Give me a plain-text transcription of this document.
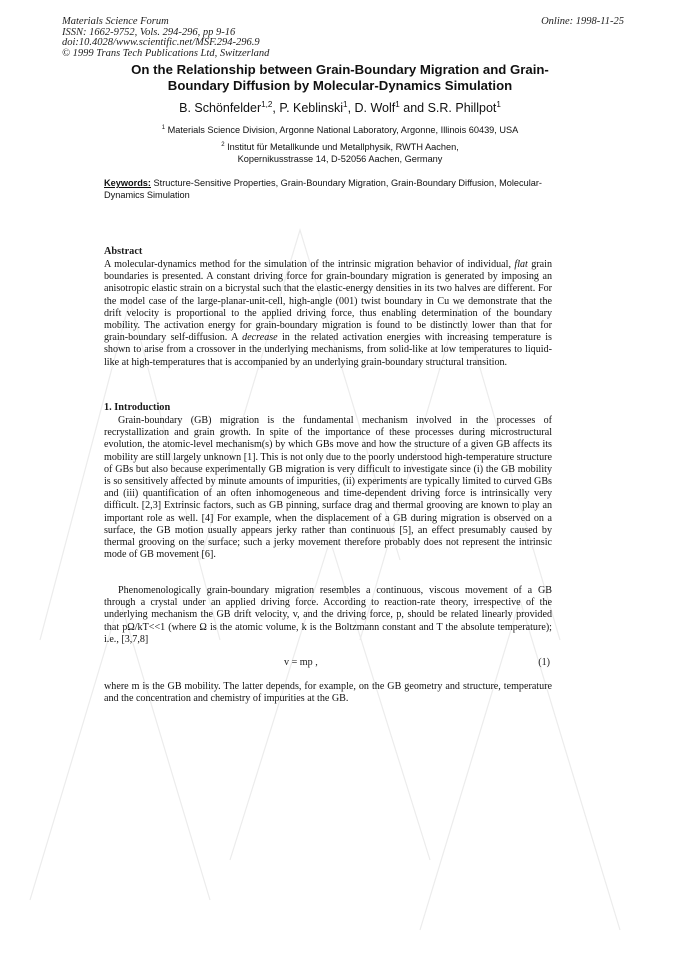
Materials Science Forum
ISSN: 1662-9752, Vols. 294-296, pp 9-16
doi:10.4028/www.scientific.net/MSF.294-296.9
© 1999 Trans Tech Publications Ltd, Switzerland
Online: 1998-11-25
On the Relationship between Grain-Boundary Migration and Grain-
Boundary Diffusion by Molecular-Dynamics Simulation
B. Schönfelder$^{1,2}$, P. Keblinski$^1$, D. Wolf$^1$ and S.R. Phillpot$^1$
$^1$ Materials Science Division, Argonne National Laboratory, Argonne, Illinois 60439, USA
$^2$ Institut für Metallkunde und Metallphysik, RWTH Aachen,
Kopernikusstrasse 14, D-52056 Aachen, Germany
Keywords: Structure-Sensitive Properties, Grain-Boundary Migration, Grain-Boundary Diffusion, Molecular-Dynamics Simulation
Abstract
A molecular-dynamics method for the simulation of the intrinsic migration behavior of individual, flat grain boundaries is presented. A constant driving force for grain-boundary migration is generated by imposing an anisotropic elastic strain on a bicrystal such that the elastic-energy densities in its two halves are different. For the model case of the large-planar-unit-cell, high-angle (001) twist boundary in Cu we demonstrate that the drift velocity is proportional to the applied driving force, thus enabling determination of the boundary mobility. The activation energy for grain-boundary migration is found to be distinctly lower than that for grain-boundary self-diffusion. A decrease in the related activation energies with increasing temperature is shown to arise from a crossover in the underlying mechanisms, from solid-like at low temperatures to liquid-like at high-temperatures that is accompanied by an underlying grain-boundary structural transition.
1. Introduction
Grain-boundary (GB) migration is the fundamental mechanism involved in the processes of recrystallization and grain growth. In spite of the importance of these processes during microstructural evolution, the atomic-level mechanism(s) by which GBs move and how the structure of a given GB affects its mobility are still largely unknown [1]. This is not only due to the poorly understood high-temperature structure of GBs but also because experimentally GB migration is very difficult to investigate since (i) the GB mobility is so sensitively affected by minute amounts of impurities, (ii) experiments are typically limited to curved GBs and (iii) quantification of an often inhomogeneous and time-dependent driving force is intrinsically very difficult. [2,3] Extrinsic factors, such as GB pinning, surface drag and thermal grooving are known to play an important role as well. [4] For example, when the displacement of a GB during migration is observed on a surface, the GB motion usually appears jerky rather than continuous [5], an effect presumably caused by thermal grooving on the surface; such a jerky movement therefore probably does not represent the intrinsic mode of GB movement [6].
Phenomenologically grain-boundary migration resembles a continuous, viscous movement of a GB through a crystal under an applied driving force. According to reaction-rate theory, irrespective of the underlying mechanism the GB drift velocity, v, and the driving force, p, should be related linearly provided that pΩ/kT<<1 (where Ω is the atomic volume, k is the Boltzmann constant and T the absolute temperature); i.e., [3,7,8]
v = mp ,	(1)
where m is the GB mobility. The latter depends, for example, on the GB geometry and structure, temperature and the concentration and chemistry of impurities at the GB.
